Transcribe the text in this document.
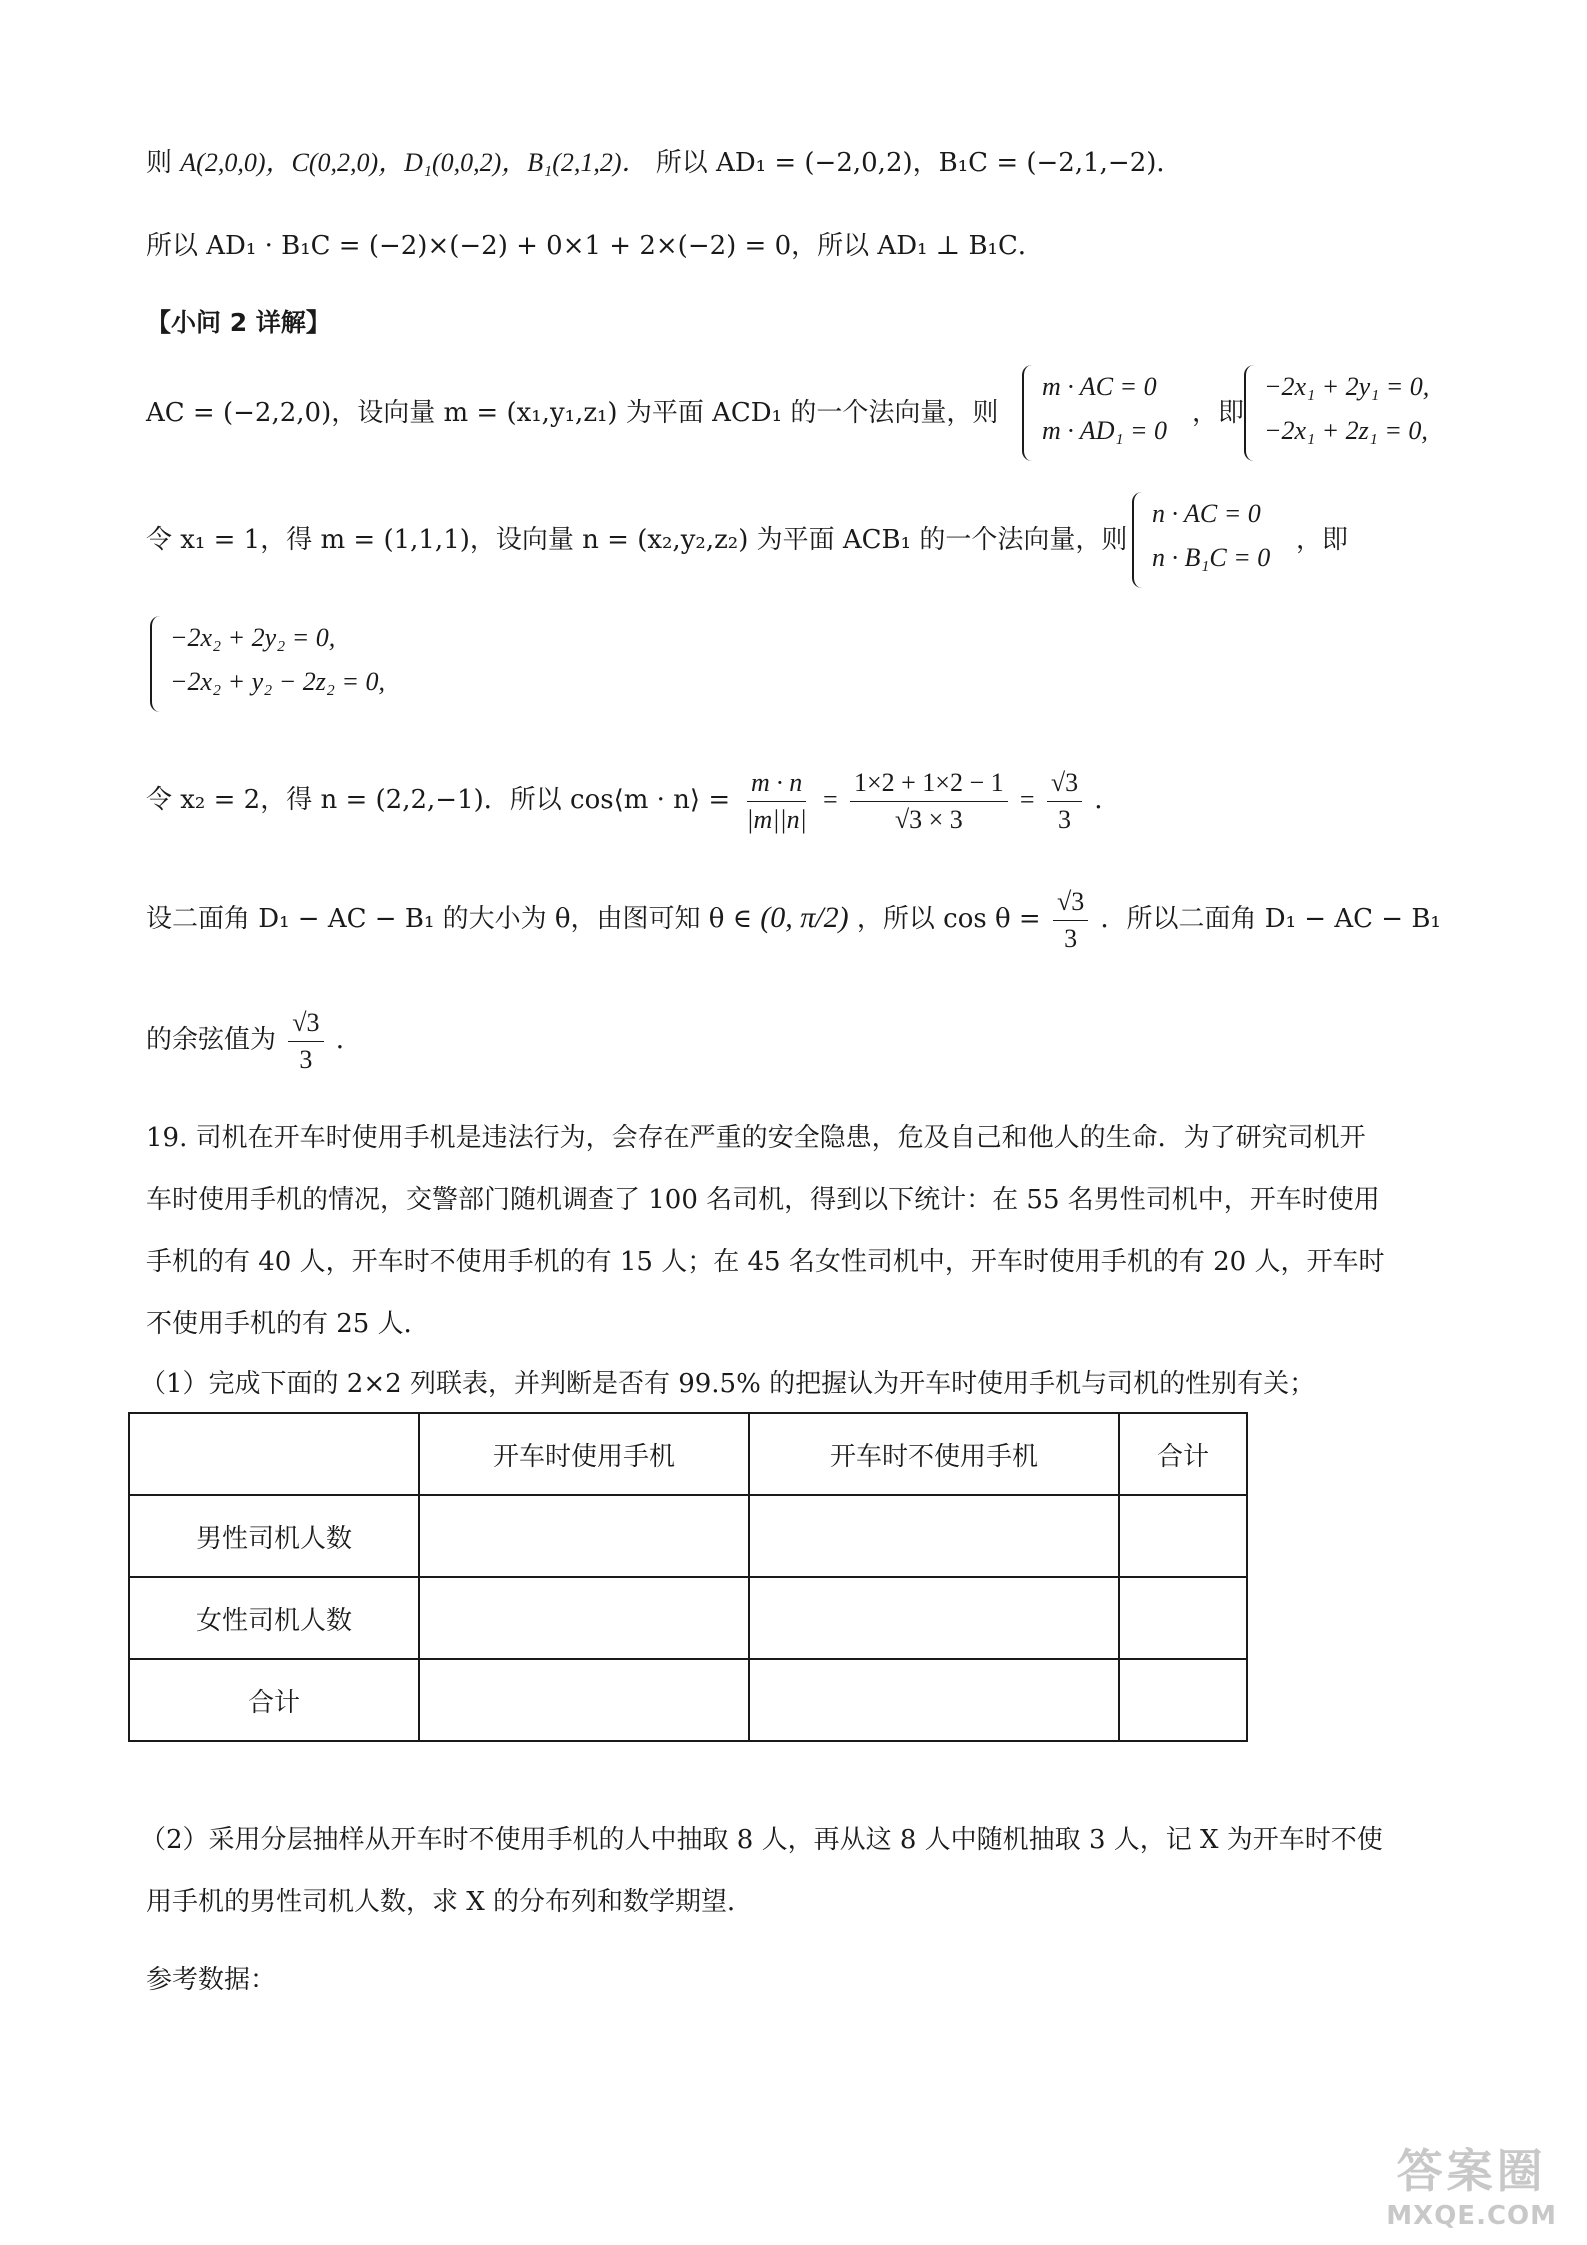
则 A(2,0,0)，C(0,2,0)，D₁(0,0,2)，B₁(2,1,2)． 所以 AD₁ = (−2,0,2)，B₁C = (−2,1,−2)．
所以 AD₁ · B₁C = (−2)×(−2) + 0×1 + 2×(−2) = 0，所以 AD₁ ⊥ B₁C．
【小问 2 详解】
AC = (−2,2,0)，设向量 m = (x₁,y₁,z₁) 为平面 ACD₁ 的一个法向量，则
m · AC = 0
m · AD₁ = 0
，即
−2x₁ + 2y₁ = 0,
−2x₁ + 2z₁ = 0,
令 x₁ = 1，得 m = (1,1,1)，设向量 n = (x₂,y₂,z₂) 为平面 ACB₁ 的一个法向量，则
n · AC = 0
n · B₁C = 0
，即
−2x₂ + 2y₂ = 0,
−2x₂ + y₂ − 2z₂ = 0,
令 x₂ = 2，得 n = (2,2,−1)．所以 cos⟨m · n⟩ = $\frac{m \cdot n}{|m||n|} = \frac{1\times 2 + 1\times 2 - 1}{√3 \times 3} = \frac{√3}{3}$ ．
设二面角 D₁ − AC − B₁ 的大小为 θ，由图可知 θ ∈ (0, π/2) ，所以 $\cos \theta = \frac{√3}{3}$ ．所以二面角 D₁ − AC − B₁
的余弦值为 $\frac{√3}{3}$ ．
19. 司机在开车时使用手机是违法行为，会存在严重的安全隐患，危及自己和他人的生命．为了研究司机开
车时使用手机的情况，交警部门随机调查了 100 名司机，得到以下统计：在 55 名男性司机中，开车时使用
手机的有 40 人，开车时不使用手机的有 15 人；在 45 名女性司机中，开车时使用手机的有 20 人，开车时
不使用手机的有 25 人．
（1）完成下面的 2×2 列联表，并判断是否有 99.5% 的把握认为开车时使用手机与司机的性别有关；
	开车时使用手机	开车时不使用手机	合计
男性司机人数			
女性司机人数			
合计			
（2）采用分层抽样从开车时不使用手机的人中抽取 8 人，再从这 8 人中随机抽取 3 人，记 X 为开车时不使
用手机的男性司机人数，求 X 的分布列和数学期望．
参考数据：
答案圈
MXQE.COM
